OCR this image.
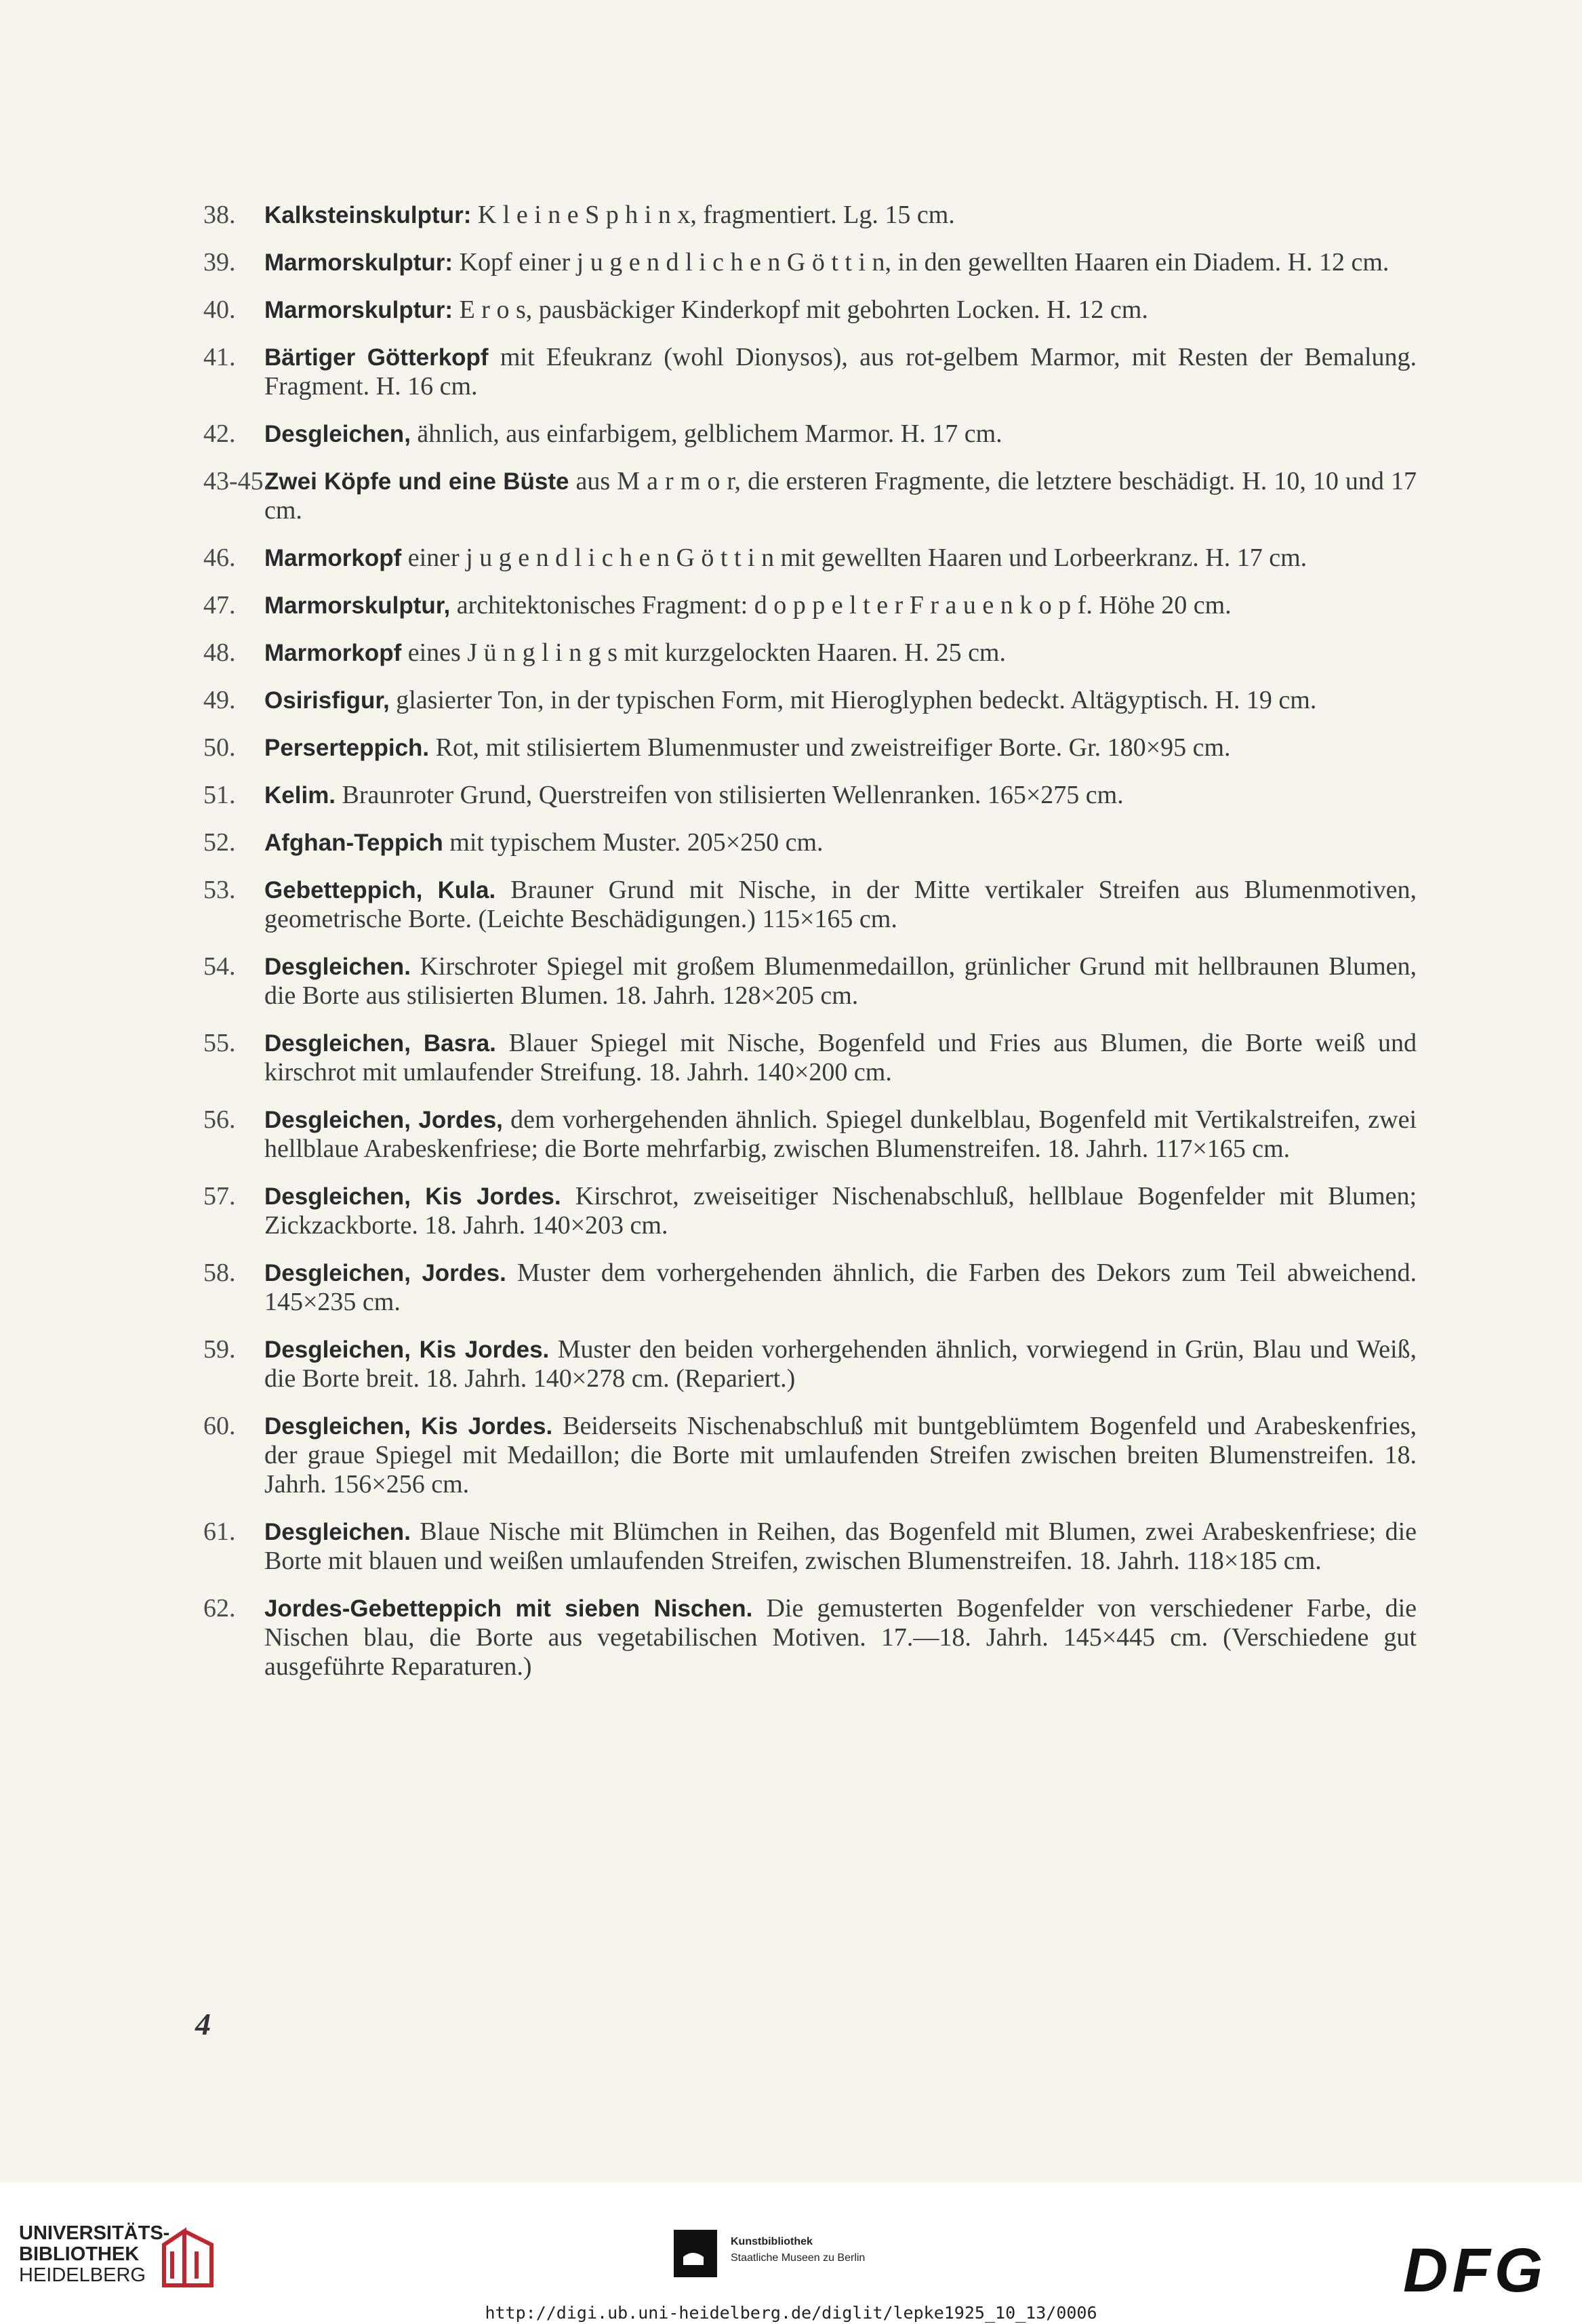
38. Kalksteinskulptur: K l e i n e S p h i n x, fragmentiert. Lg. 15 cm.
39. Marmorskulptur: Kopf einer j u g e n d l i c h e n G ö t t i n, in den gewellten Haaren ein Diadem. H. 12 cm.
40. Marmorskulptur: E r o s, pausbäckiger Kinderkopf mit gebohrten Locken. H. 12 cm.
41. Bärtiger Götterkopf mit Efeukranz (wohl Dionysos), aus rot-gelbem Marmor, mit Resten der Bemalung. Fragment. H. 16 cm.
42. Desgleichen, ähnlich, aus einfarbigem, gelblichem Marmor. H. 17 cm.
43-45.
Zwei Köpfe und eine Büste aus M a r m o r, die ersteren Fragmente, die letztere beschädigt. H. 10, 10 und 17 cm.
46. Marmorkopf einer j u g e n d l i c h e n G ö t t i n mit gewellten Haaren und Lorbeerkranz. H. 17 cm.
47. Marmorskulptur, architektonisches Fragment: d o p p e l t e r F r a u e n k o p f. Höhe 20 cm.
48. Marmorkopf eines J ü n g l i n g s mit kurzgelockten Haaren. H. 25 cm.
49. Osirisfigur, glasierter Ton, in der typischen Form, mit Hieroglyphen bedeckt. Altägyptisch. H. 19 cm.
50. Perserteppich. Rot, mit stilisiertem Blumenmuster und zweistreifiger Borte. Gr. 180×95 cm.
51. Kelim. Braunroter Grund, Querstreifen von stilisierten Wellenranken. 165×275 cm.
52. Afghan-Teppich mit typischem Muster. 205×250 cm.
53. Gebetteppich, Kula. Brauner Grund mit Nische, in der Mitte vertikaler Streifen aus Blumenmotiven, geometrische Borte. (Leichte Beschädigungen.) 115×165 cm.
54. Desgleichen. Kirschroter Spiegel mit großem Blumenmedaillon, grünlicher Grund mit hellbraunen Blumen, die Borte aus stilisierten Blumen. 18. Jahrh. 128×205 cm.
55. Desgleichen, Basra. Blauer Spiegel mit Nische, Bogenfeld und Fries aus Blumen, die Borte weiß und kirschrot mit umlaufender Streifung. 18. Jahrh. 140×200 cm.
56. Desgleichen, Jordes, dem vorhergehenden ähnlich. Spiegel dunkelblau, Bogenfeld mit Vertikalstreifen, zwei hellblaue Arabeskenfriese; die Borte mehrfarbig, zwischen Blumenstreifen. 18. Jahrh. 117×165 cm.
57. Desgleichen, Kis Jordes. Kirschrot, zweiseitiger Nischenabschluß, hellblaue Bogenfelder mit Blumen; Zickzackborte. 18. Jahrh. 140×203 cm.
58. Desgleichen, Jordes. Muster dem vorhergehenden ähnlich, die Farben des Dekors zum Teil abweichend. 145×235 cm.
59. Desgleichen, Kis Jordes. Muster den beiden vorhergehenden ähnlich, vorwiegend in Grün, Blau und Weiß, die Borte breit. 18. Jahrh. 140×278 cm. (Repariert.)
60. Desgleichen, Kis Jordes. Beiderseits Nischenabschluß mit buntgeblümtem Bogenfeld und Arabeskenfries, der graue Spiegel mit Medaillon; die Borte mit umlaufenden Streifen zwischen breiten Blumenstreifen. 18. Jahrh. 156×256 cm.
61. Desgleichen. Blaue Nische mit Blümchen in Reihen, das Bogenfeld mit Blumen, zwei Arabeskenfriese; die Borte mit blauen und weißen umlaufenden Streifen, zwischen Blumenstreifen. 18. Jahrh. 118×185 cm.
62. Jordes-Gebetteppich mit sieben Nischen. Die gemusterten Bogenfelder von verschiedener Farbe, die Nischen blau, die Borte aus vegetabilischen Motiven. 17.—18. Jahrh. 145×445 cm. (Verschiedene gut ausgeführte Reparaturen.)
4
UNIVERSITÄTS-
BIBLIOTHEK
HEIDELBERG
Kunstbibliothek
Staatliche Museen zu Berlin	DFG
http://digi.ub.uni-heidelberg.de/diglit/lepke1925_10_13/0006
